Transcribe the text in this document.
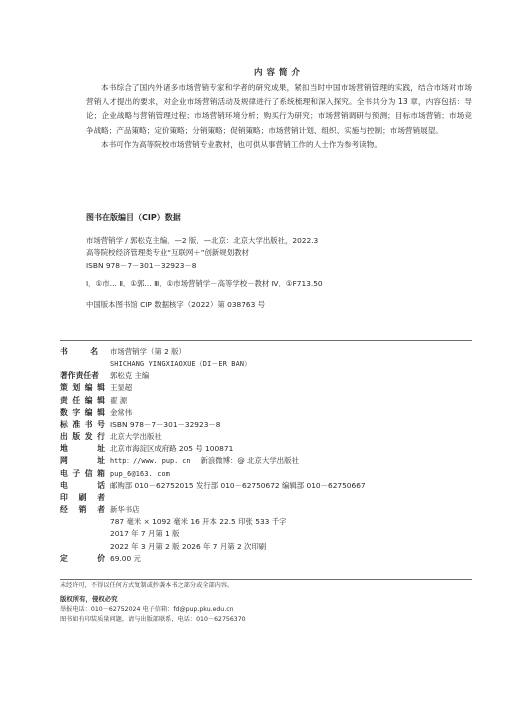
内容简介

本书综合了国内外诸多市场营销专家和学者的研究成果，紧扣当时中国市场营销管理的实践，结合市场对市场营销人才提出的要求，对企业市场营销活动及规律进行了系统梳理和深入探究。全书共分为 13 章，内容包括：导论；企业战略与营销管理过程；市场营销环境分析；购买行为研究；市场营销调研与预测；目标市场营销；市场竞争战略；产品策略；定价策略；分销策略；促销策略；市场营销计划、组织、实施与控制；市场营销展望。

本书可作为高等院校市场营销专业教材，也可供从事营销工作的人士作为参考读物。

图书在版编目（CIP）数据
市场营销学 / 郭松克主编．—2 版．—北京：北京大学出版社，2022.3
高等院校经济管理类专业“互联网＋”创新规划教材
ISBN 978－7－301－32923－8
Ⅰ．①市… Ⅱ．①郭… Ⅲ．①市场营销学－高等学校－教材 Ⅳ．①F713.50
中国版本图书馆 CIP 数据核字（2022）第 038763 号
书	名 市场营销学（第 2 版）
SHICHANG YINGXIAOXUE（DI－ER BAN）
著作责任者	郭松克 主编
策 划 编 辑 王显超
责 任 编 辑 翟 源
数 字 编 辑 金常伟
标 准 书 号 ISBN 978－7－301－32923－8
出 版 发 行 北京大学出版社
地	址 北京市海淀区成府路 205 号 100871
网	址 http：//www. pup. cn 新浪微博：@ 北京大学出版社
电 子 信 箱 pup_6@163. com
电	话 邮购部 010－62752015 发行部 010－62750672 编辑部 010－62750667
印 刷 者
经 销 者 新华书店
787 毫米 × 1092 毫米 16 开本 22.5 印张 533 千字
2017 年 7 月第 1 版
2022 年 3 月第 2 版 2026 年 7 月第 2 次印刷
定	价 69.00 元
未经许可，不得以任何方式复制或抄袭本书之部分或全部内容。
版权所有，侵权必究
举报电话：010－62752024 电子信箱：fd@pup.pku.edu.cn
图书如有印装质量问题，请与出版部联系，电话：010－62756370
